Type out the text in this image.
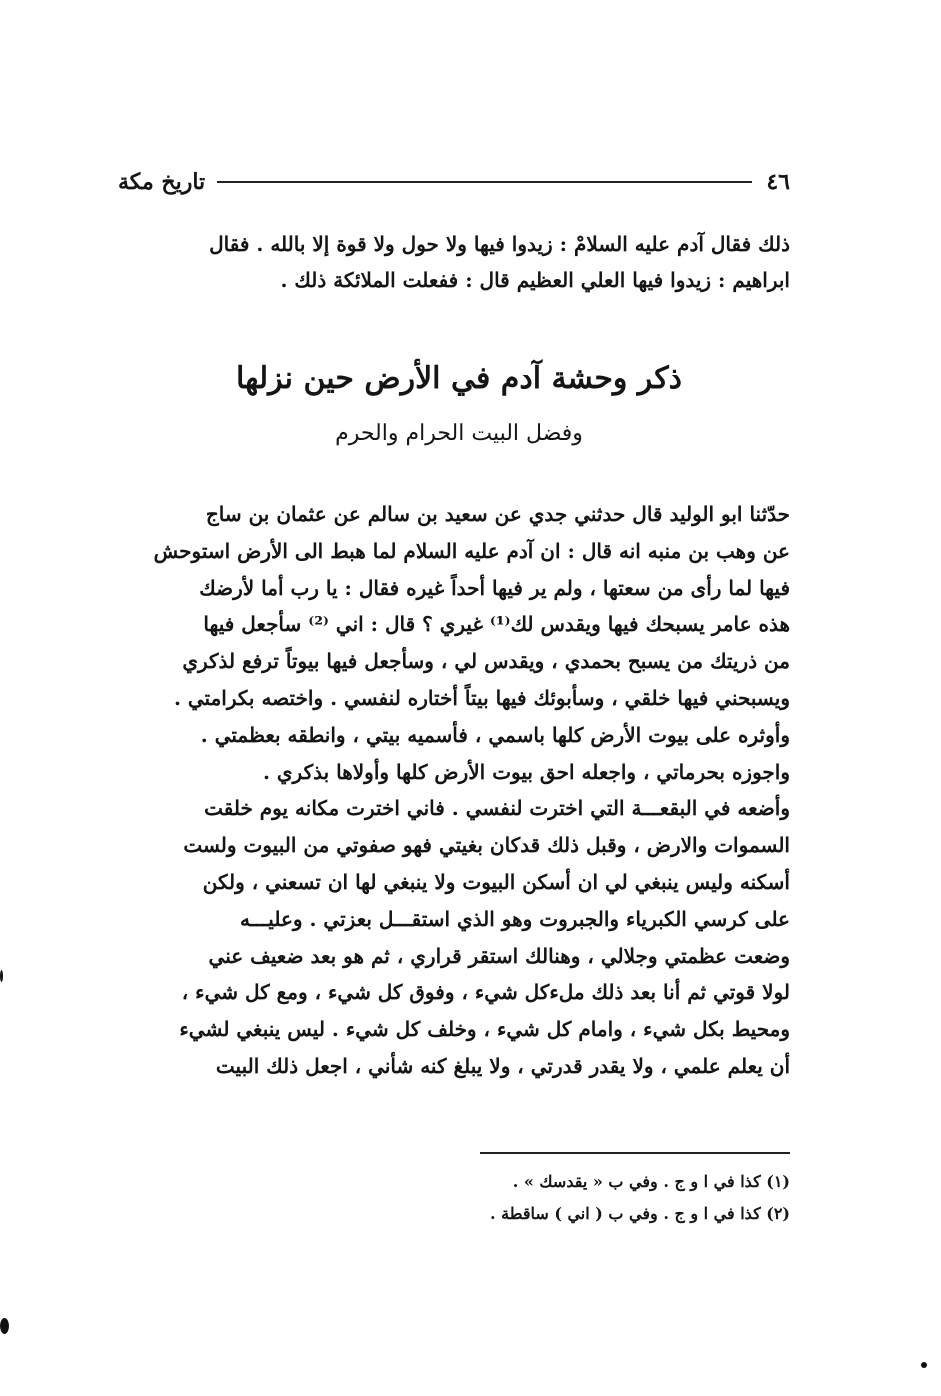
٤٦
تاريخ مكة
ذلك فقال آدم عليه السلامْ : زيدوا فيها ولا حول ولا قوة إلا بالله . فقال
ابراهيم : زيدوا فيها العلي العظيم قال : ففعلت الملائكة ذلك .
ذكر وحشة آدم في الأرض حين نزلها
وفضل البيت الحرام والحرم
حدّثنا ابو الوليد قال حدثني جدي عن سعيد بن سالم عن عثمان بن ساج
عن وهب بن منبه انه قال : ان آدم عليه السلام لما هبط الى الأرض استوحش
فيها لما رأى من سعتها ، ولم ير فيها أحداً غيره فقال : يا رب أما لأرضك
هذه عامر يسبحك فيها ويقدس لك⁽¹⁾ غيري ؟ قال : اني ⁽²⁾ سأجعل فيها
من ذريتك من يسبح بحمدي ، ويقدس لي ، وسأجعل فيها بيوتاً ترفع لذكري
ويسبحني فيها خلقي ، وسأبوئك فيها بيتاً أختاره لنفسي . واختصه بكرامتي .
وأوثره على بيوت الأرض كلها باسمي ، فأسميه بيتي ، وانطقه بعظمتي .
واجوزه بحرماتي ، واجعله احق بيوت الأرض كلها وأولاها بذكري .
وأضعه في البقعـــة التي اخترت لنفسي . فاني اخترت مكانه يوم خلقت
السموات والارض ، وقبل ذلك قدكان بغيتي فهو صفوتي من البيوت ولست
أسكنه وليس ينبغي لي ان أسكن البيوت ولا ينبغي لها ان تسعني ، ولكن
على كرسي الكبرياء والجبروت وهو الذي استقـــل بعزتي . وعليـــه
وضعت عظمتي وجلالي ، وهنالك استقر قراري ، ثم هو بعد ضعيف عني
لولا قوتي ثم أنا بعد ذلك ملءكل شيء ، وفوق كل شيء ، ومع كل شيء ،
ومحيط بكل شيء ، وامام كل شيء ، وخلف كل شيء . ليس ينبغي لشيء
أن يعلم علمي ، ولا يقدر قدرتي ، ولا يبلغ كنه شأني ، اجعل ذلك البيت
(١) كذا في ا و ج . وفي ب « يقدسك » .
(٢) كذا في ا و ج . وفي ب ( اني ) ساقطة .
